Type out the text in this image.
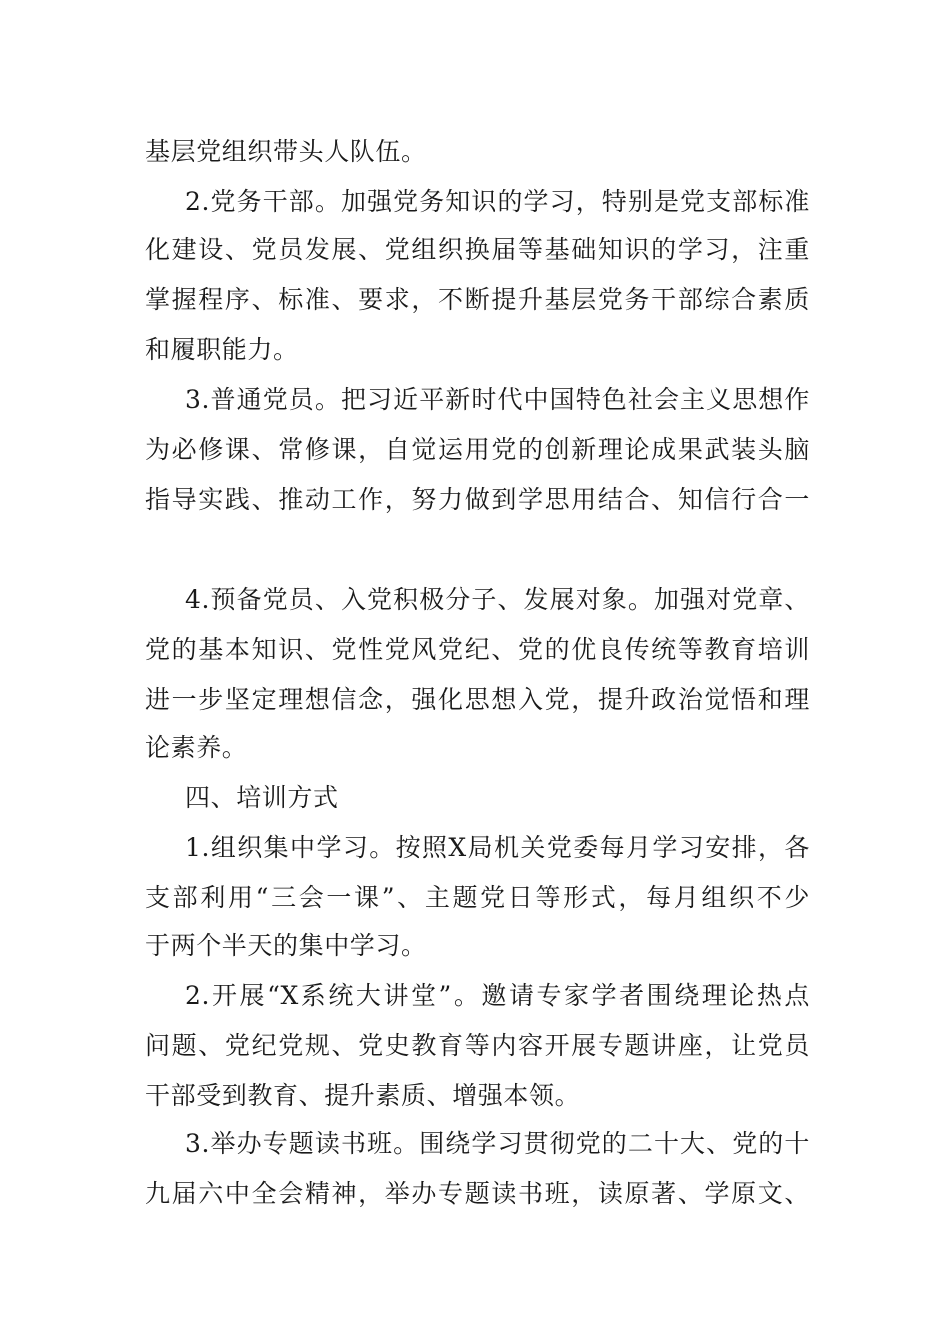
基层党组织带头人队伍。
2.党务干部。加强党务知识的学习，特别是党支部标准
化建设、党员发展、党组织换届等基础知识的学习，注重
掌握程序、标准、要求，不断提升基层党务干部综合素质
和履职能力。
3.普通党员。把习近平新时代中国特色社会主义思想作
为必修课、常修课，自觉运用党的创新理论成果武装头脑
指导实践、推动工作，努力做到学思用结合、知信行合一
4.预备党员、入党积极分子、发展对象。加强对党章、
党的基本知识、党性党风党纪、党的优良传统等教育培训
进一步坚定理想信念，强化思想入党，提升政治觉悟和理
论素养。
四、培训方式
1.组织集中学习。按照X局机关党委每月学习安排，各
支部利用“三会一课”、主题党日等形式，每月组织不少
于两个半天的集中学习。
2.开展“X系统大讲堂”。邀请专家学者围绕理论热点
问题、党纪党规、党史教育等内容开展专题讲座，让党员
干部受到教育、提升素质、增强本领。
3.举办专题读书班。围绕学习贯彻党的二十大、党的十
九届六中全会精神，举办专题读书班，读原著、学原文、
